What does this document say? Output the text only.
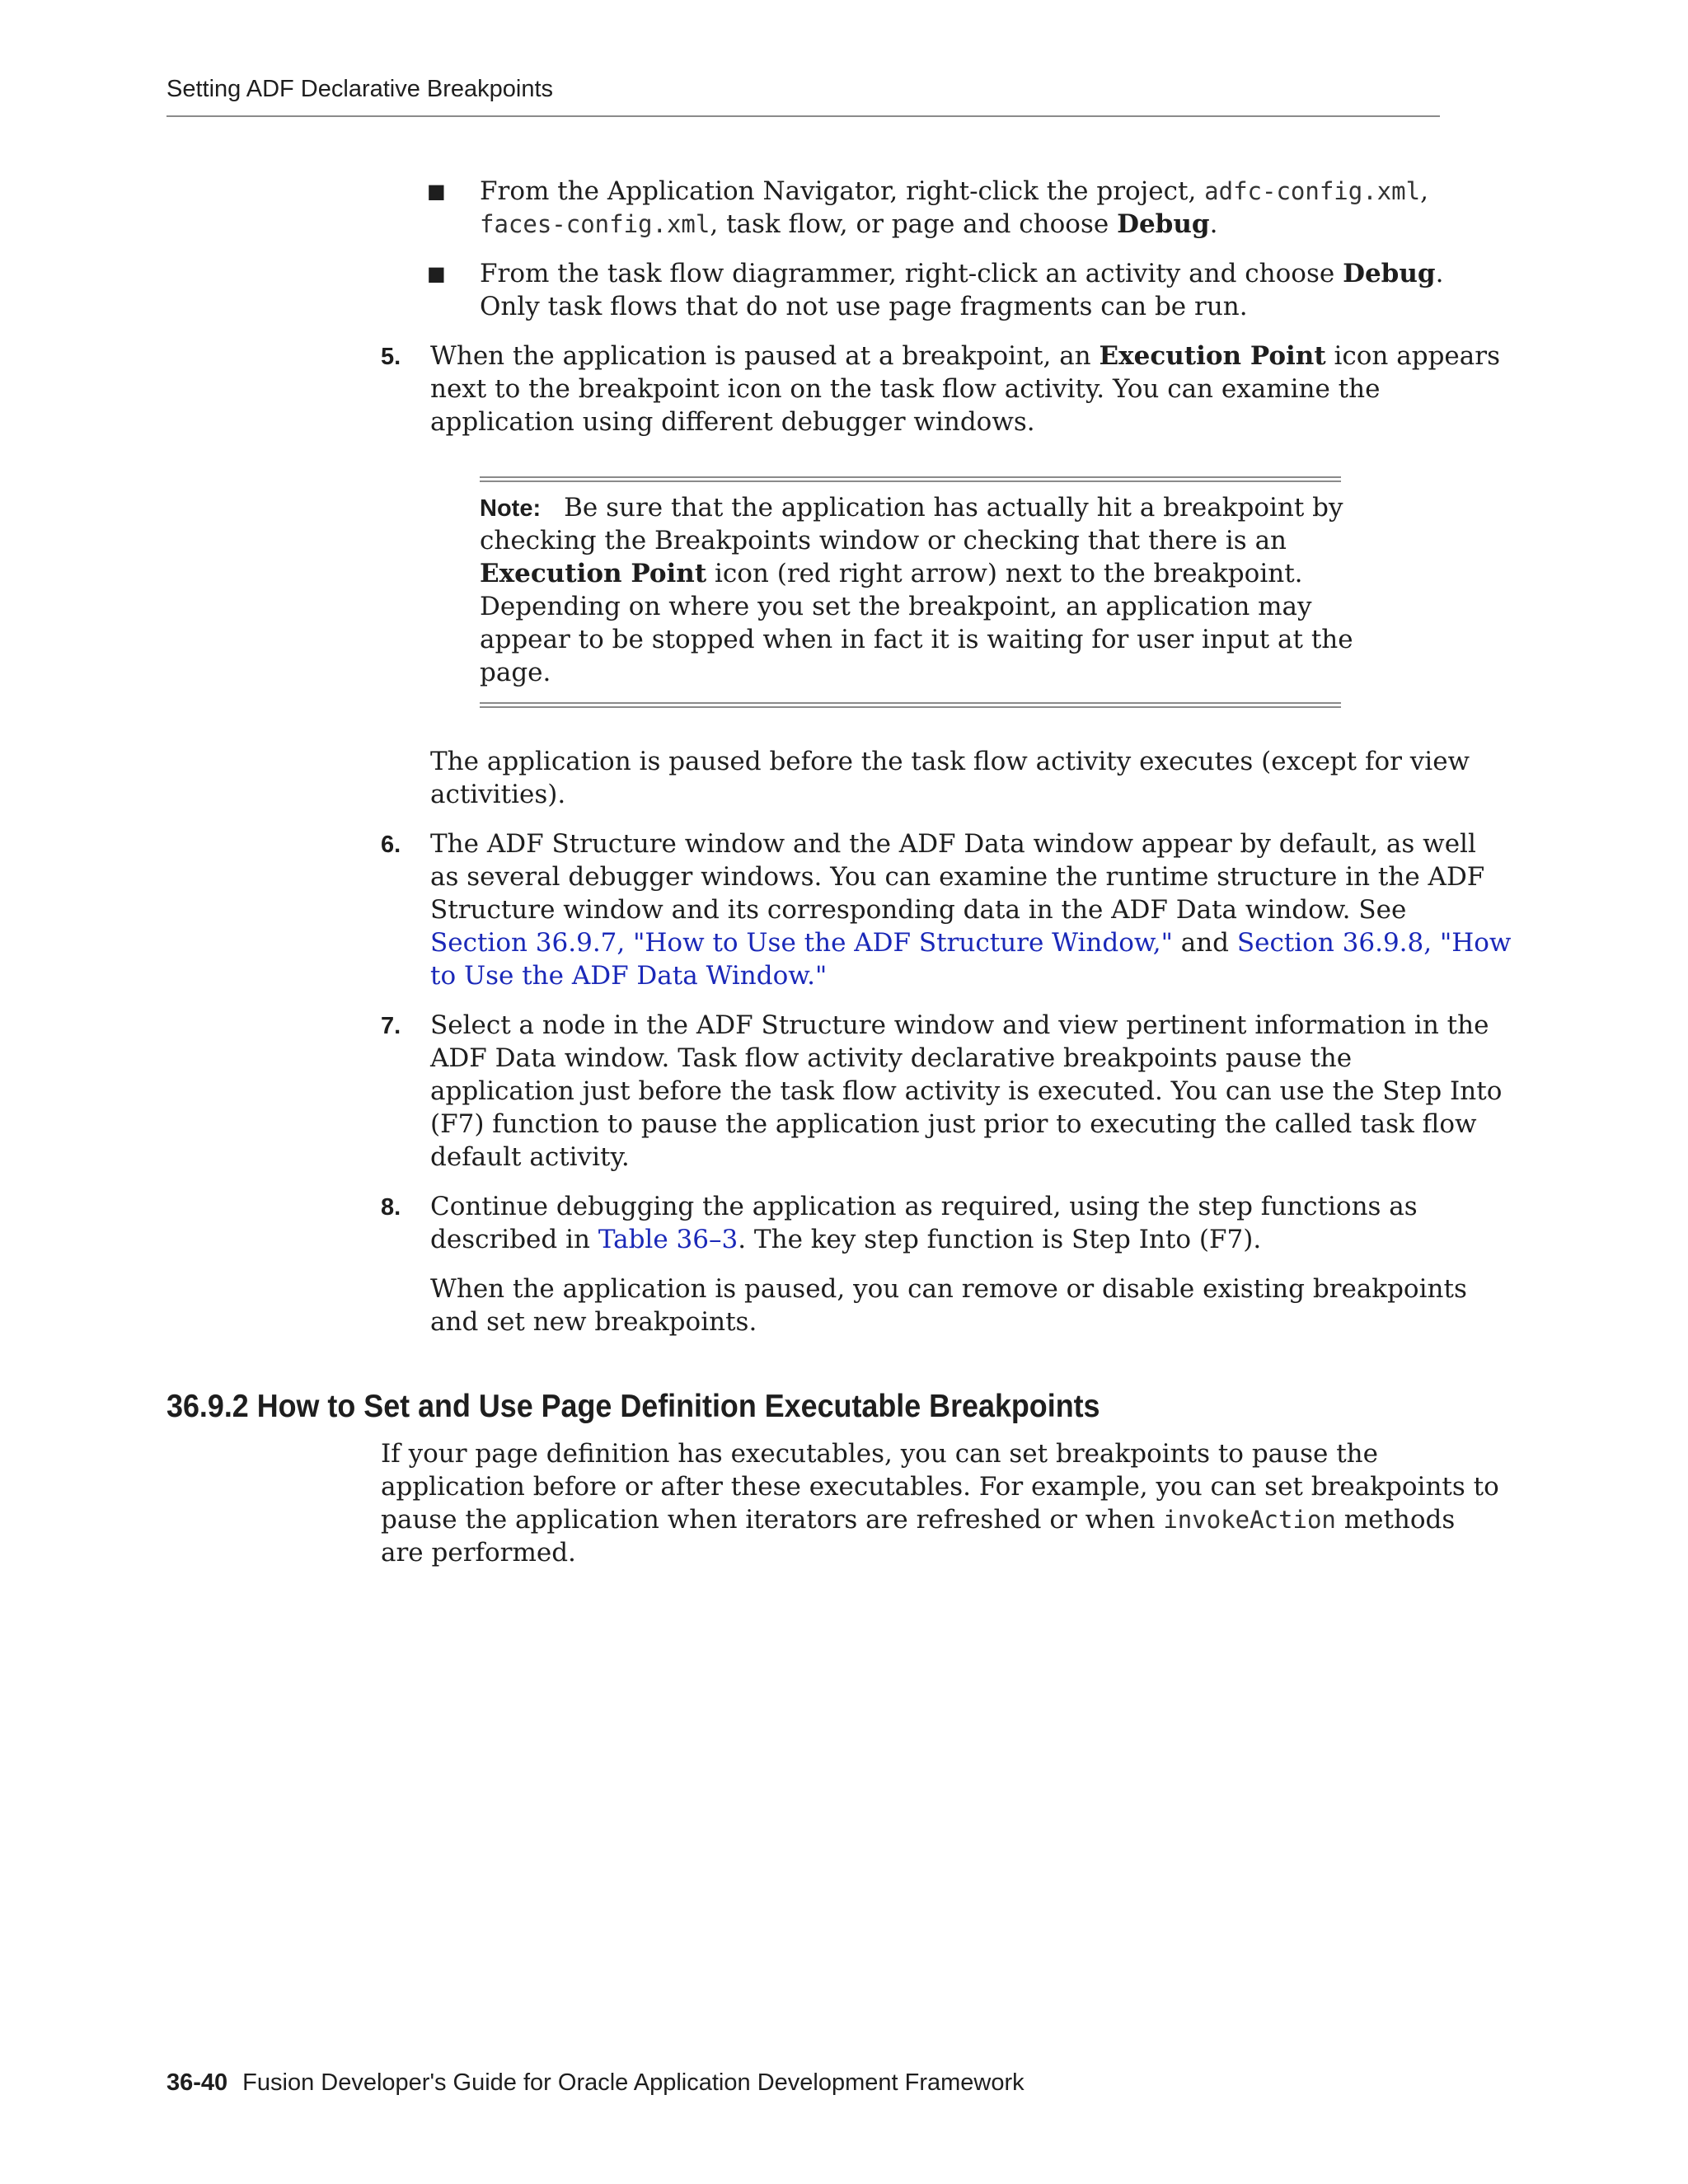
Setting ADF Declarative Breakpoints
■ From the Application Navigator, right-click the project, adfc-config.xml,
faces-config.xml, task flow, or page and choose Debug.
■ From the task flow diagrammer, right-click an activity and choose Debug.
Only task flows that do not use page fragments can be run.
5. When the application is paused at a breakpoint, an Execution Point icon appears
next to the breakpoint icon on the task flow activity. You can examine the
application using different debugger windows.
Note: Be sure that the application has actually hit a breakpoint by
checking the Breakpoints window or checking that there is an
Execution Point icon (red right arrow) next to the breakpoint.
Depending on where you set the breakpoint, an application may
appear to be stopped when in fact it is waiting for user input at the
page.
The application is paused before the task flow activity executes (except for view
activities).
6. The ADF Structure window and the ADF Data window appear by default, as well
as several debugger windows. You can examine the runtime structure in the ADF
Structure window and its corresponding data in the ADF Data window. See
Section 36.9.7, "How to Use the ADF Structure Window," and Section 36.9.8, "How
to Use the ADF Data Window."
7. Select a node in the ADF Structure window and view pertinent information in the
ADF Data window. Task flow activity declarative breakpoints pause the
application just before the task flow activity is executed. You can use the Step Into
(F7) function to pause the application just prior to executing the called task flow
default activity.
8. Continue debugging the application as required, using the step functions as
described in Table 36–3. The key step function is Step Into (F7).
When the application is paused, you can remove or disable existing breakpoints
and set new breakpoints.
36.9.2 How to Set and Use Page Definition Executable Breakpoints
If your page definition has executables, you can set breakpoints to pause the
application before or after these executables. For example, you can set breakpoints to
pause the application when iterators are refreshed or when invokeAction methods
are performed.
36-40 Fusion Developer's Guide for Oracle Application Development Framework
